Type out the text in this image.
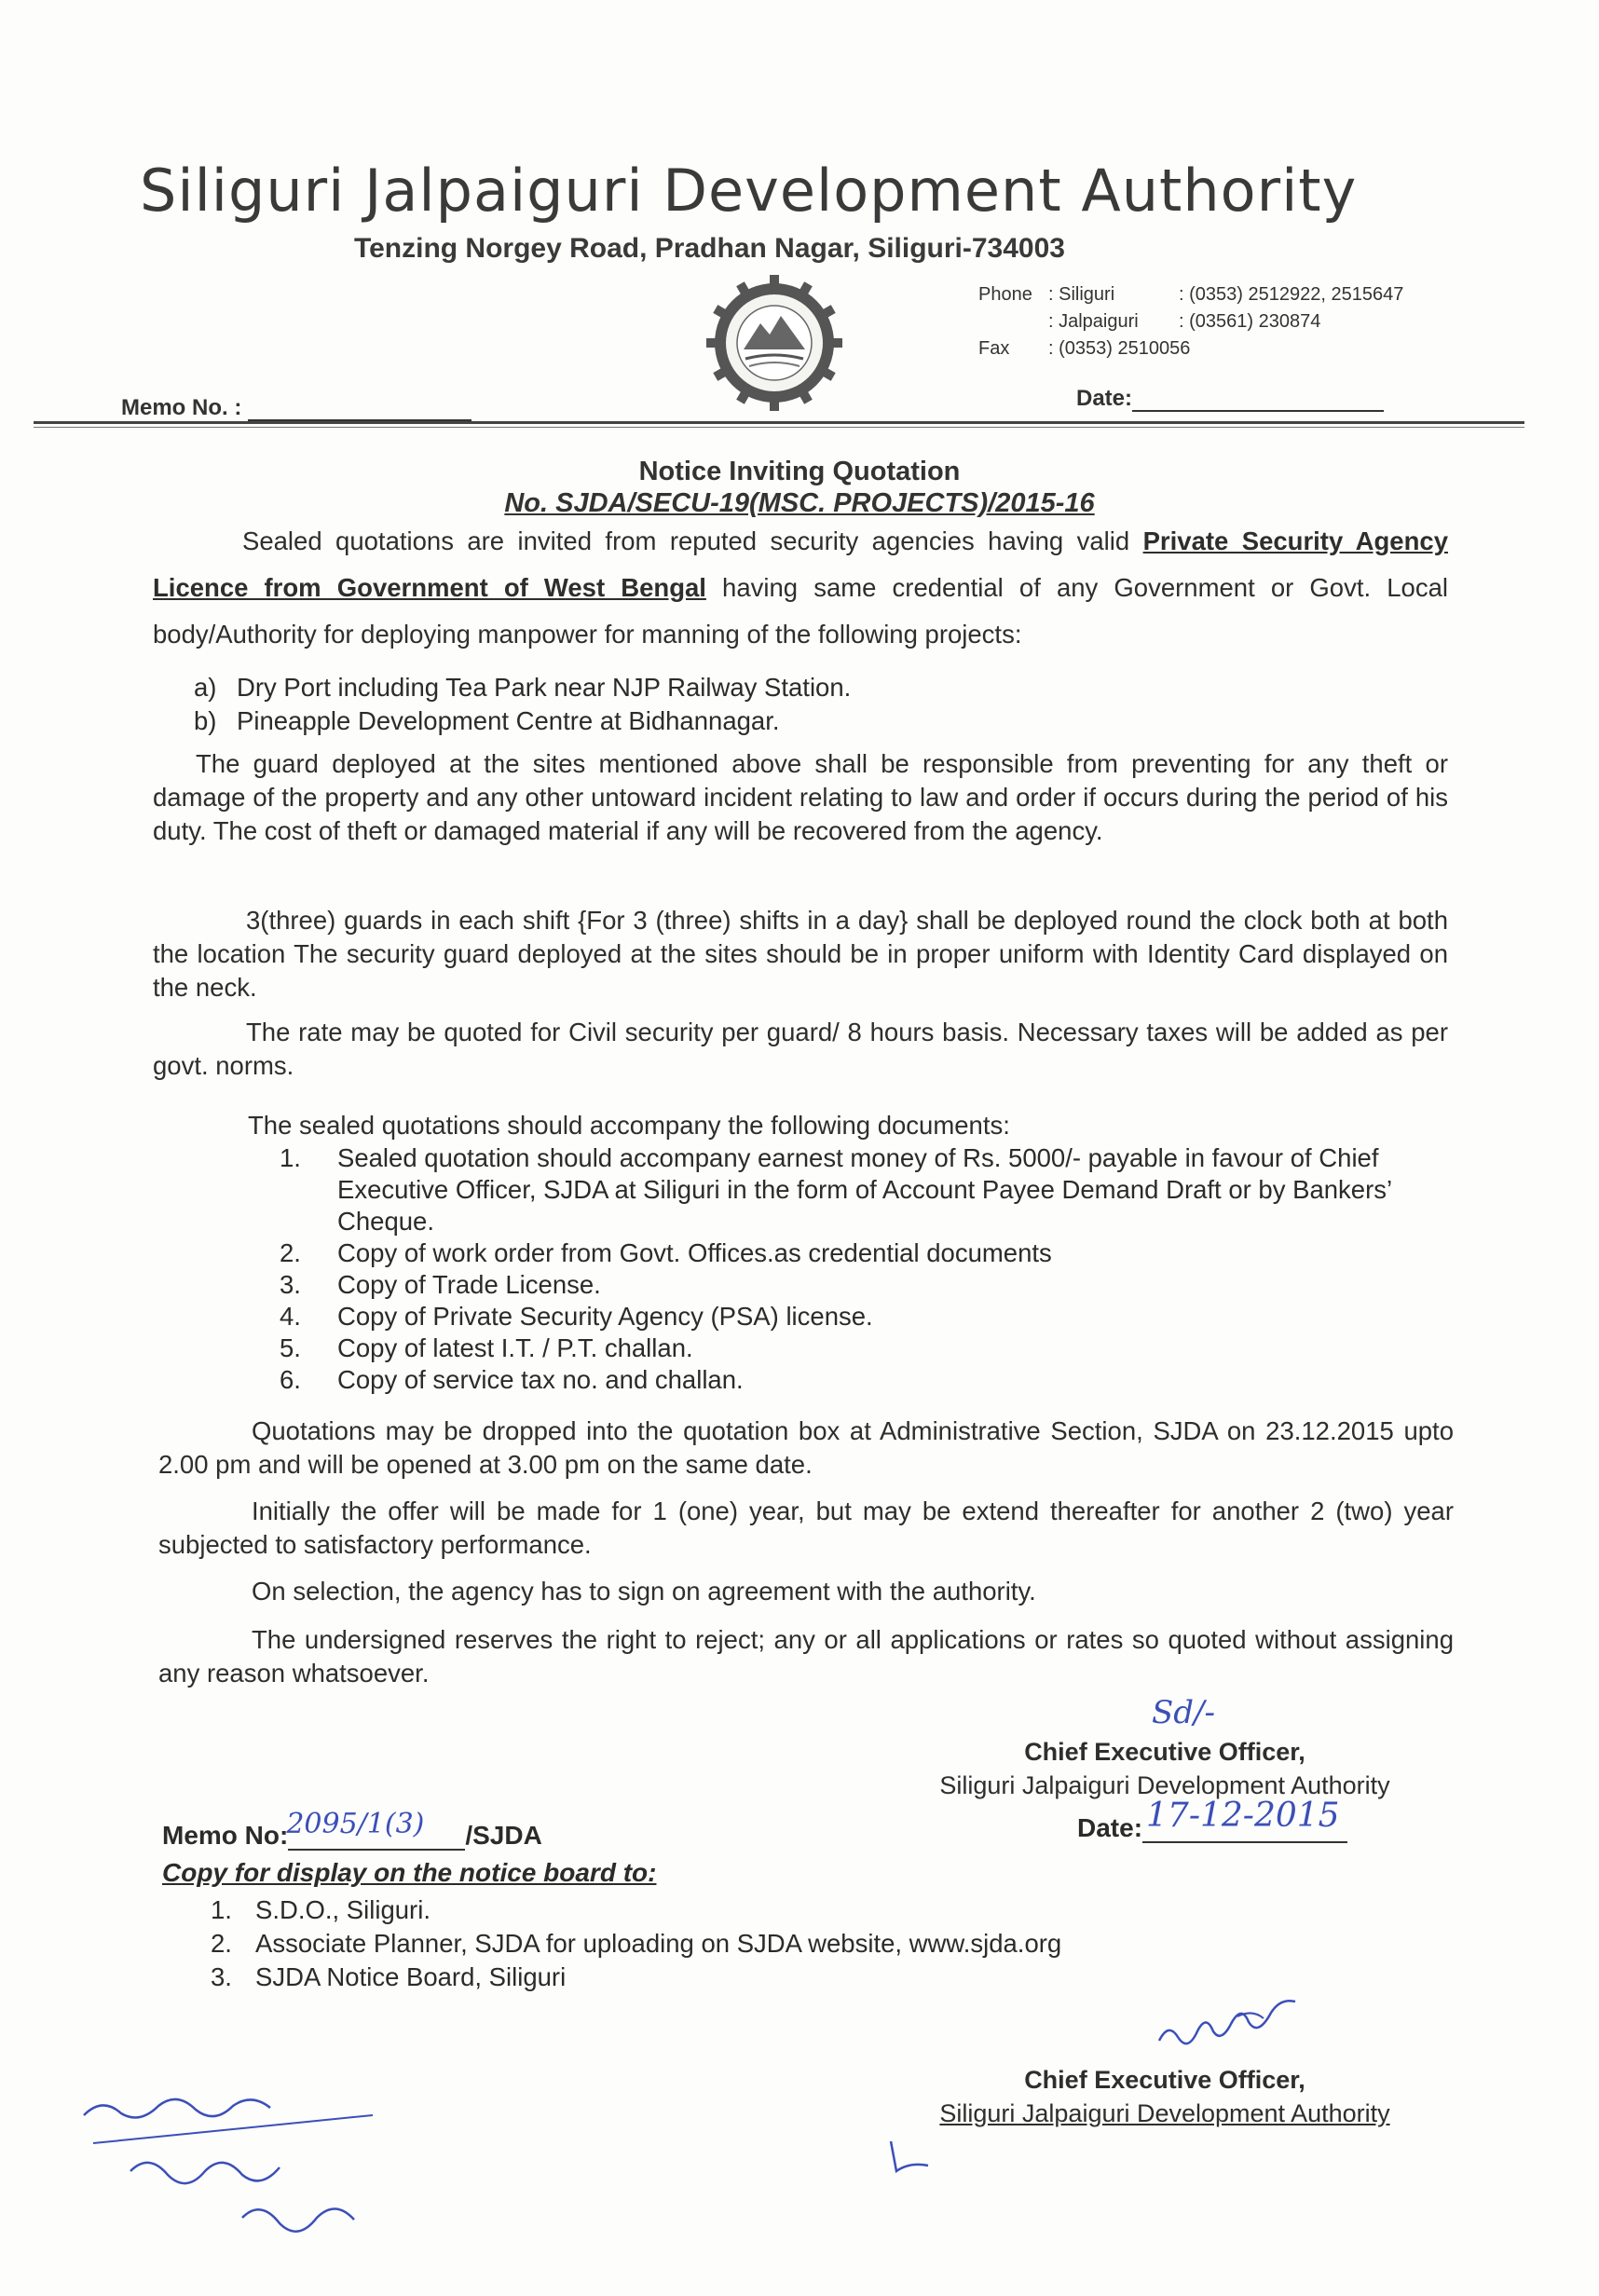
Siliguri Jalpaiguri Development Authority
Tenzing Norgey Road, Pradhan Nagar, Siliguri-734003
Phone : Siliguri	: (0353) 2512922, 2515647
: Jalpaiguri : (03561) 230874
Fax : (0353) 2510056
Memo No. :	Date:
Notice Inviting Quotation
No. SJDA/SECU-19(MSC. PROJECTS)/2015-16
Sealed quotations are invited from reputed security agencies having valid Private Security Agency Licence from Government of West Bengal having same credential of any Government or Govt. Local body/Authority for deploying manpower for manning of the following projects:
a) Dry Port including Tea Park near NJP Railway Station.
b) Pineapple Development Centre at Bidhannagar.
The guard deployed at the sites mentioned above shall be responsible from preventing for any theft or damage of the property and any other untoward incident relating to law and order if occurs during the period of his duty. The cost of theft or damaged material if any will be recovered from the agency.
3(three) guards in each shift {For 3 (three) shifts in a day} shall be deployed round the clock both at both the location The security guard deployed at the sites should be in proper uniform with Identity Card displayed on the neck.
The rate may be quoted for Civil security per guard/ 8 hours basis. Necessary taxes will be added as per govt. norms.
The sealed quotations should accompany the following documents:
1. Sealed quotation should accompany earnest money of Rs. 5000/- payable in favour of Chief Executive Officer, SJDA at Siliguri in the form of Account Payee Demand Draft or by Bankers’ Cheque.
2. Copy of work order from Govt. Offices.as credential documents
3. Copy of Trade License.
4. Copy of Private Security Agency (PSA) license.
5. Copy of latest I.T. / P.T. challan.
6. Copy of service tax no. and challan.
Quotations may be dropped into the quotation box at Administrative Section, SJDA on 23.12.2015 upto 2.00 pm and will be opened at 3.00 pm on the same date.
Initially the offer will be made for 1 (one) year, but may be extend thereafter for another 2 (two) year subjected to satisfactory performance.
On selection, the agency has to sign on agreement with the authority.
The undersigned reserves the right to reject; any or all applications or rates so quoted without assigning any reason whatsoever.
Sd/-
Chief Executive Officer,
Siliguri Jalpaiguri Development Authority
Memo No:
2095/1(3) /SJDA	Date: 17-12-2015
Copy for display on the notice board to:
1. S.D.O., Siliguri.
2. Associate Planner, SJDA for uploading on SJDA website, www.sjda.org
3. SJDA Notice Board, Siliguri
Chief Executive Officer,
Siliguri Jalpaiguri Development Authority
